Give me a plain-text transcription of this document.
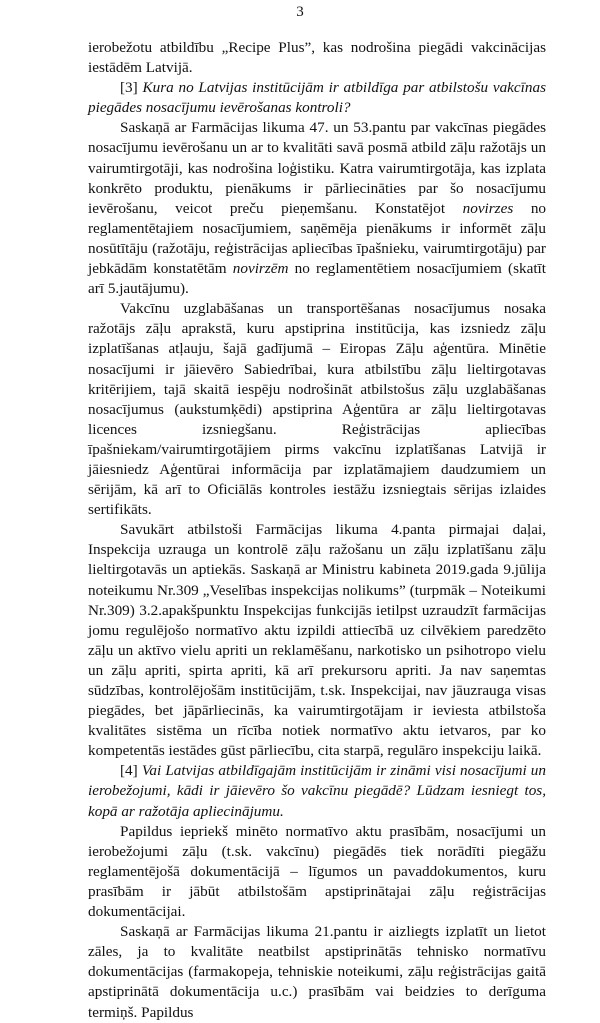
3

ierobežotu atbildību „Recipe Plus”, kas nodrošina piegādi vakcinācijas iestādēm Latvijā.

[3] Kura no Latvijas institūcijām ir atbildīga par atbilstošu vakcīnas piegādes nosacījumu ievērošanas kontroli?

Saskaņā ar Farmācijas likuma 47. un 53.pantu par vakcīnas piegādes nosacījumu ievērošanu un ar to kvalitāti savā posmā atbild zāļu ražotājs un vairumtirgotāji, kas nodrošina loģistiku. Katra vairumtirgotāja, kas izplata konkrēto produktu, pienākums ir pārliecināties par šo nosacījumu ievērošanu, veicot preču pieņemšanu. Konstatējot novirzes no reglamentētajiem nosacījumiem, saņēmēja pienākums ir informēt zāļu nosūtītāju (ražotāju, reģistrācijas apliecības īpašnieku, vairumtirgotāju) par jebkādām konstatētām novirzēm no reglamentētiem nosacījumiem (skatīt arī 5.jautājumu).

Vakcīnu uzglabāšanas un transportēšanas nosacījumus nosaka ražotājs zāļu aprakstā, kuru apstiprina institūcija, kas izsniedz zāļu izplatīšanas atļauju, šajā gadījumā – Eiropas Zāļu aģentūra. Minētie nosacījumi ir jāievēro Sabiedrībai, kura atbilstību zāļu lieltirgotavas kritērijiem, tajā skaitā iespēju nodrošināt atbilstošus zāļu uzglabāšanas nosacījumus (aukstumķēdi) apstiprina Aģentūra ar zāļu lieltirgotavas licences izsniegšanu. Reģistrācijas apliecības īpašniekam/vairumtirgotājiem pirms vakcīnu izplatīšanas Latvijā ir jāiesniedz Aģentūrai informācija par izplatāmajiem daudzumiem un sērijām, kā arī to Oficiālās kontroles iestāžu izsniegtais sērijas izlaides sertifikāts.

Savukārt atbilstoši Farmācijas likuma 4.panta pirmajai daļai, Inspekcija uzrauga un kontrolē zāļu ražošanu un zāļu izplatīšanu zāļu lieltirgotavās un aptiekās. Saskaņā ar Ministru kabineta 2019.gada 9.jūlija noteikumu Nr.309 „Veselības inspekcijas nolikums” (turpmāk – Noteikumi Nr.309) 3.2.apakšpunktu Inspekcijas funkcijās ietilpst uzraudzīt farmācijas jomu regulējošo normatīvo aktu izpildi attiecībā uz cilvēkiem paredzēto zāļu un aktīvo vielu apriti un reklamēšanu, narkotisko un psihotropo vielu un zāļu apriti, spirta apriti, kā arī prekursoru apriti. Ja nav saņemtas sūdzības, kontrolējošām institūcijām, t.sk. Inspekcijai, nav jāuzrauga visas piegādes, bet jāpārliecinās, ka vairumtirgotājam ir ieviesta atbilstoša kvalitātes sistēma un rīcība notiek normatīvo aktu ietvaros, par ko kompetentās iestādes gūst pārliecību, cita starpā, regulāro inspekciju laikā.

[4] Vai Latvijas atbildīgajām institūcijām ir zināmi visi nosacījumi un ierobežojumi, kādi ir jāievēro šo vakcīnu piegādē? Lūdzam iesniegt tos, kopā ar ražotāja apliecinājumu.

Papildus iepriekš minēto normatīvo aktu prasībām, nosacījumi un ierobežojumi zāļu (t.sk. vakcīnu) piegādēs tiek norādīti piegāžu reglamentējošā dokumentācijā – līgumos un pavaddokumentos, kuru prasībām ir jābūt atbilstošām apstiprinātajai zāļu reģistrācijas dokumentācijai.

Saskaņā ar Farmācijas likuma 21.pantu ir aizliegts izplatīt un lietot zāles, ja to kvalitāte neatbilst apstiprinātās tehnisko normatīvu dokumentācijas (farmakopeja, tehniskie noteikumi, zāļu reģistrācijas gaitā apstiprinātā dokumentācija u.c.) prasībām vai beidzies to derīguma termiņš. Papildus
